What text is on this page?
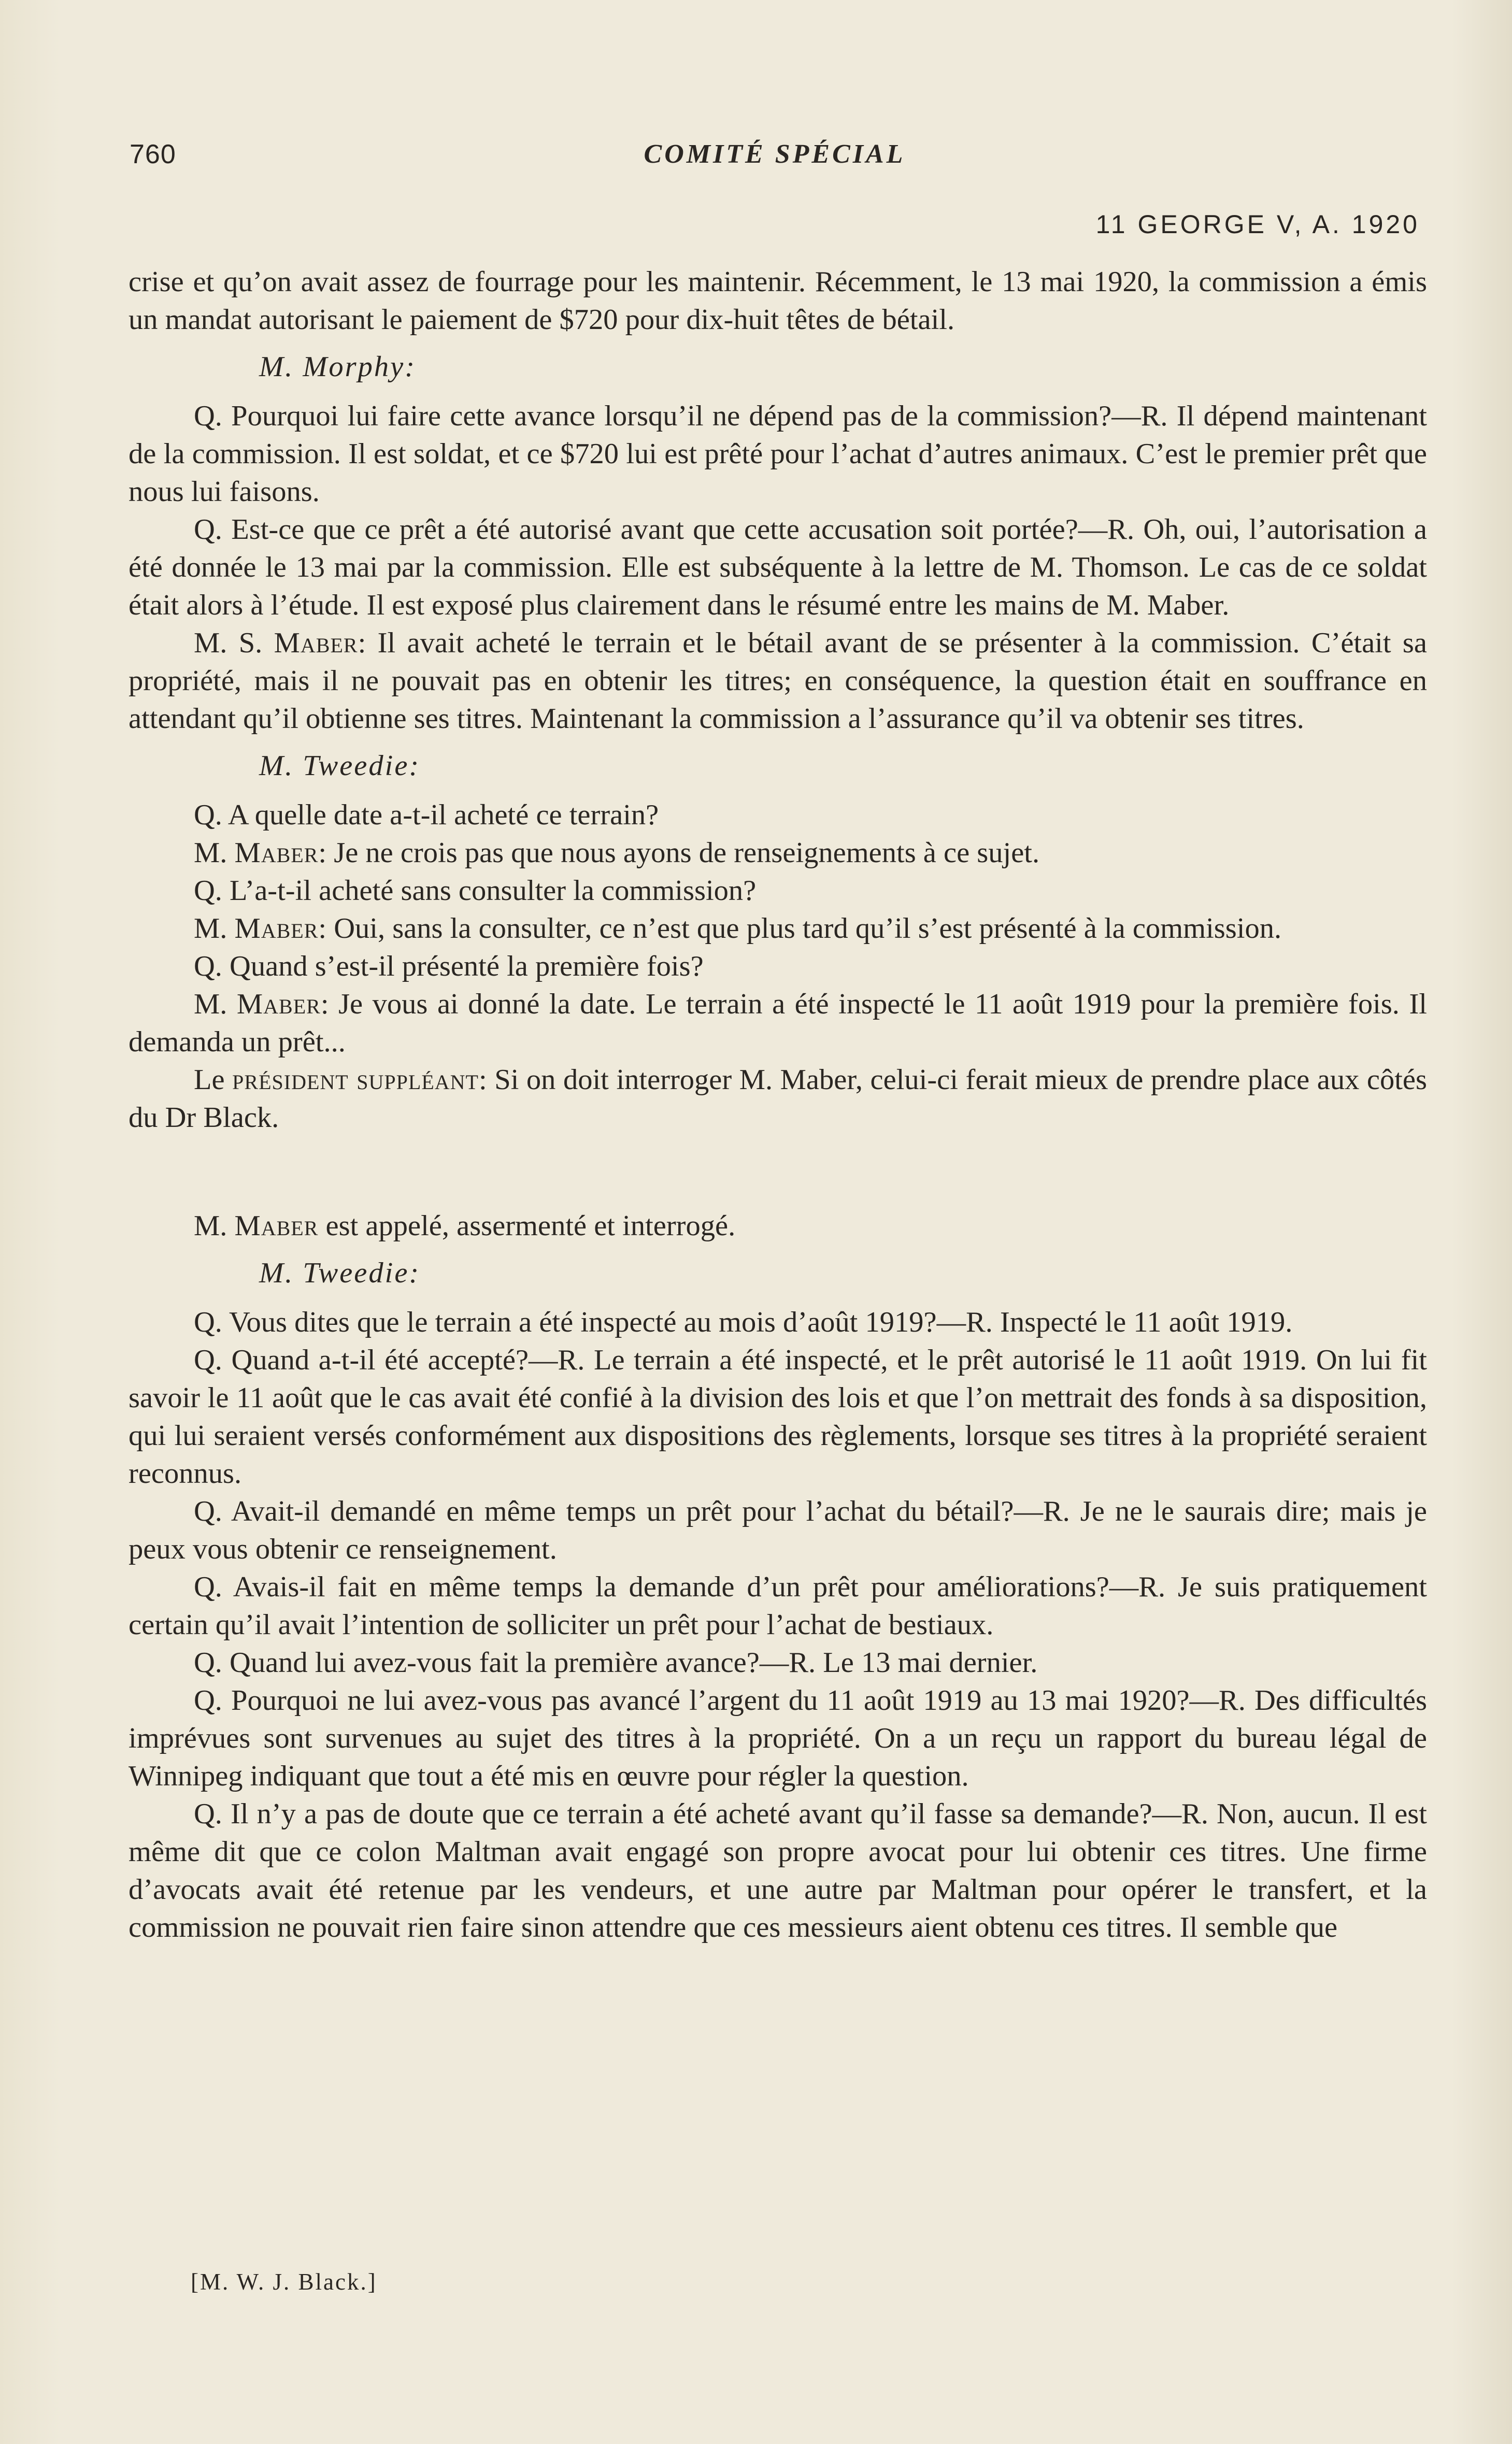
760	COMITÉ SPÉCIAL
11 GEORGE V, A. 1920

crise et qu’on avait assez de fourrage pour les maintenir. Récemment, le 13 mai 1920, la commission a émis un mandat autorisant le paiement de $720 pour dix-huit têtes de bétail.

M. Morphy:

Q. Pourquoi lui faire cette avance lorsqu’il ne dépend pas de la commission?—R. Il dépend maintenant de la commission. Il est soldat, et ce $720 lui est prêté pour l’achat d’autres animaux. C’est le premier prêt que nous lui faisons.

Q. Est-ce que ce prêt a été autorisé avant que cette accusation soit portée?—R. Oh, oui, l’autorisation a été donnée le 13 mai par la commission. Elle est subséquente à la lettre de M. Thomson. Le cas de ce soldat était alors à l’étude. Il est exposé plus clairement dans le résumé entre les mains de M. Maber.

M. S. Maber: Il avait acheté le terrain et le bétail avant de se présenter à la commission. C’était sa propriété, mais il ne pouvait pas en obtenir les titres; en conséquence, la question était en souffrance en attendant qu’il obtienne ses titres. Maintenant la commission a l’assurance qu’il va obtenir ses titres.

M. Tweedie:

Q. A quelle date a-t-il acheté ce terrain?

M. Maber: Je ne crois pas que nous ayons de renseignements à ce sujet.

Q. L’a-t-il acheté sans consulter la commission?

M. Maber: Oui, sans la consulter, ce n’est que plus tard qu’il s’est présenté à la commission.

Q. Quand s’est-il présenté la première fois?

M. Maber: Je vous ai donné la date. Le terrain a été inspecté le 11 août 1919 pour la première fois. Il demanda un prêt...

Le président suppléant: Si on doit interroger M. Maber, celui-ci ferait mieux de prendre place aux côtés du Dr Black.

M. Maber est appelé, assermenté et interrogé.

M. Tweedie:

Q. Vous dites que le terrain a été inspecté au mois d’août 1919?—R. Inspecté le 11 août 1919.

Q. Quand a-t-il été accepté?—R. Le terrain a été inspecté, et le prêt autorisé le 11 août 1919. On lui fit savoir le 11 août que le cas avait été confié à la division des lois et que l’on mettrait des fonds à sa disposition, qui lui seraient versés conformément aux dispositions des règlements, lorsque ses titres à la propriété seraient reconnus.

Q. Avait-il demandé en même temps un prêt pour l’achat du bétail?—R. Je ne le saurais dire; mais je peux vous obtenir ce renseignement.

Q. Avais-il fait en même temps la demande d’un prêt pour améliorations?—R. Je suis pratiquement certain qu’il avait l’intention de solliciter un prêt pour l’achat de bestiaux.

Q. Quand lui avez-vous fait la première avance?—R. Le 13 mai dernier.

Q. Pourquoi ne lui avez-vous pas avancé l’argent du 11 août 1919 au 13 mai 1920?—R. Des difficultés imprévues sont survenues au sujet des titres à la propriété. On a un reçu un rapport du bureau légal de Winnipeg indiquant que tout a été mis en œuvre pour régler la question.

Q. Il n’y a pas de doute que ce terrain a été acheté avant qu’il fasse sa demande?—R. Non, aucun. Il est même dit que ce colon Maltman avait engagé son propre avocat pour lui obtenir ces titres. Une firme d’avocats avait été retenue par les vendeurs, et une autre par Maltman pour opérer le transfert, et la commission ne pouvait rien faire sinon attendre que ces messieurs aient obtenu ces titres. Il semble que

[M. W. J. Black.]
